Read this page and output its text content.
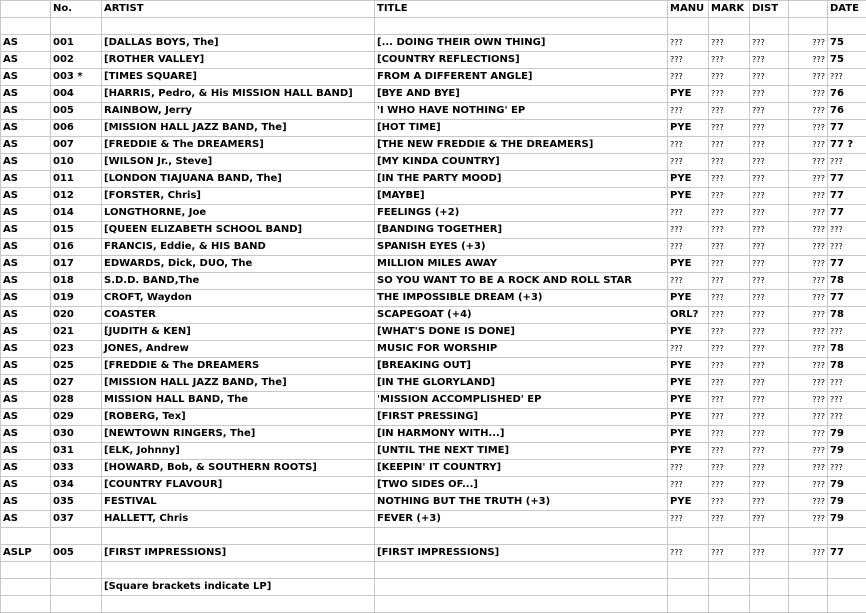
	No.	ARTIST	TITLE	MANU	MARK	DIST		DATE

AS	001	[DALLAS BOYS, The]	[... DOING THEIR OWN THING]	???	???	???	???	75
AS	002	[ROTHER VALLEY]	[COUNTRY REFLECTIONS]	???	???	???	???	75
AS	003 *	[TIMES SQUARE]	FROM A DIFFERENT ANGLE]	???	???	???	???	???
AS	004	[HARRIS, Pedro, & His MISSION HALL BAND]	[BYE AND BYE]	PYE	???	???	???	76
AS	005	RAINBOW, Jerry	'I WHO HAVE NOTHING' EP	???	???	???	???	76
AS	006	[MISSION HALL JAZZ BAND, The]	[HOT TIME]	PYE	???	???	???	77
AS	007	[FREDDIE & The DREAMERS]	[THE NEW FREDDIE & THE DREAMERS]	???	???	???	???	77 ?
AS	010	[WILSON Jr., Steve]	[MY KINDA COUNTRY]	???	???	???	???	???
AS	011	[LONDON TIAJUANA BAND, The]	[IN THE PARTY MOOD]	PYE	???	???	???	77
AS	012	[FORSTER, Chris]	[MAYBE]	PYE	???	???	???	77
AS	014	LONGTHORNE, Joe	FEELINGS (+2)	???	???	???	???	77
AS	015	[QUEEN ELIZABETH SCHOOL BAND]	[BANDING TOGETHER]	???	???	???	???	???
AS	016	FRANCIS, Eddie, & HIS BAND	SPANISH EYES (+3)	???	???	???	???	???
AS	017	EDWARDS, Dick, DUO, The	MILLION MILES AWAY	PYE	???	???	???	77
AS	018	S.D.D. BAND,The	SO YOU WANT TO BE A ROCK AND ROLL STAR	???	???	???	???	78
AS	019	CROFT, Waydon	THE IMPOSSIBLE DREAM (+3)	PYE	???	???	???	77
AS	020	COASTER	SCAPEGOAT (+4)	ORL?	???	???	???	78
AS	021	[JUDITH & KEN]	[WHAT'S DONE IS DONE]	PYE	???	???	???	???
AS	023	JONES, Andrew	MUSIC FOR WORSHIP	???	???	???	???	78
AS	025	[FREDDIE & The DREAMERS	[BREAKING OUT]	PYE	???	???	???	78
AS	027	[MISSION HALL JAZZ BAND, The]	[IN THE GLORYLAND]	PYE	???	???	???	???
AS	028	MISSION HALL BAND, The	'MISSION ACCOMPLISHED' EP	PYE	???	???	???	???
AS	029	[ROBERG, Tex]	[FIRST PRESSING]	PYE	???	???	???	???
AS	030	[NEWTOWN RINGERS, The]	[IN HARMONY WITH...]	PYE	???	???	???	79
AS	031	[ELK, Johnny]	[UNTIL THE NEXT TIME]	PYE	???	???	???	79
AS	033	[HOWARD, Bob, & SOUTHERN ROOTS]	[KEEPIN' IT COUNTRY]	???	???	???	???	???
AS	034	[COUNTRY FLAVOUR]	[TWO SIDES OF...]	???	???	???	???	79
AS	035	FESTIVAL	NOTHING BUT THE TRUTH (+3)	PYE	???	???	???	79
AS	037	HALLETT, Chris	FEVER (+3)	???	???	???	???	79

ASLP	005	[FIRST IMPRESSIONS]	[FIRST IMPRESSIONS]	???	???	???	???	77

		[Square brackets indicate LP]						
